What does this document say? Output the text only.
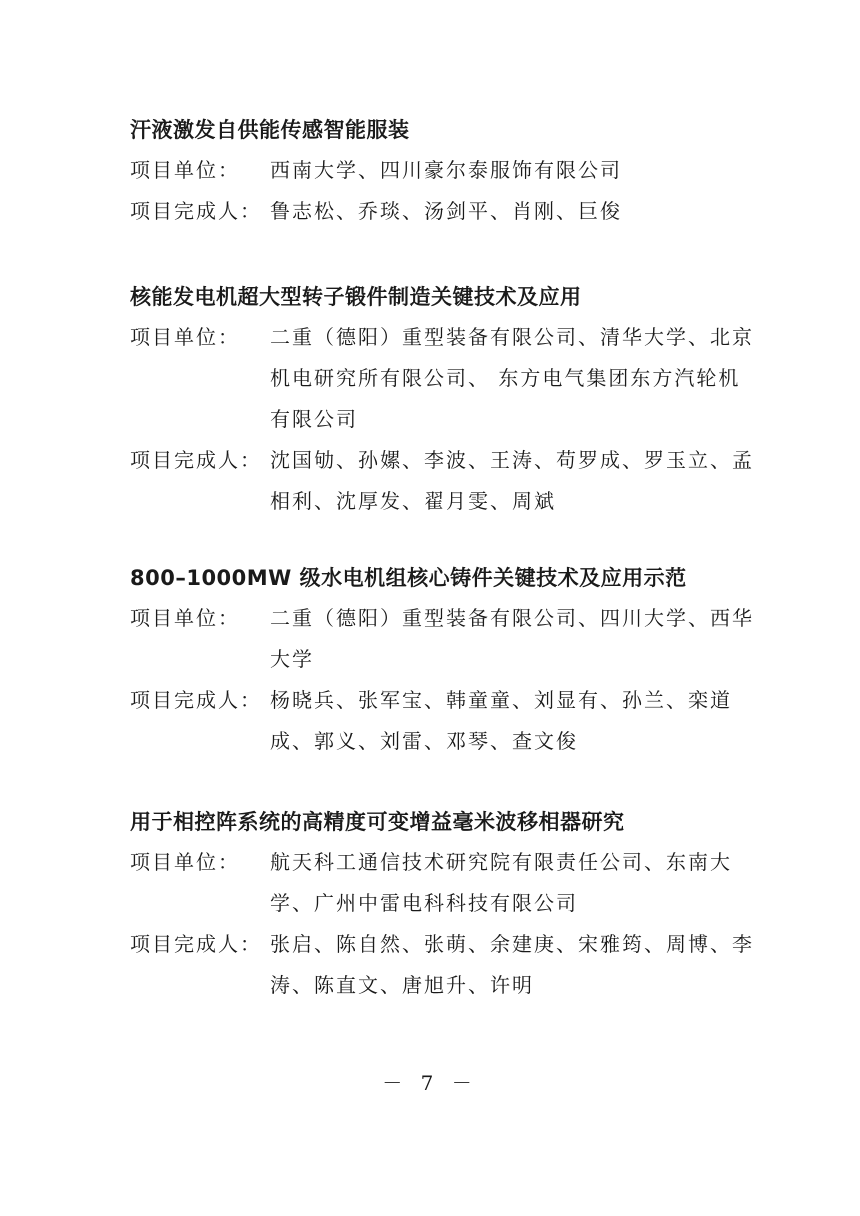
汗液激发自供能传感智能服装
项目单位：	西南大学、四川豪尔泰服饰有限公司
项目完成人： 鲁志松、乔琰、汤剑平、肖刚、巨俊
核能发电机超大型转子锻件制造关键技术及应用
项目单位：	二重（德阳）重型装备有限公司、清华大学、北京机电研究所有限公司、 东方电气集团东方汽轮机有限公司
项目完成人： 沈国劬、孙嫘、李波、王涛、苟罗成、罗玉立、孟相利、沈厚发、翟月雯、周斌
800–1000MW 级水电机组核心铸件关键技术及应用示范
项目单位：	二重（德阳）重型装备有限公司、四川大学、西华大学
项目完成人： 杨晓兵、张军宝、韩童童、刘显有、孙兰、栾道成、郭义、刘雷、邓琴、查文俊
用于相控阵系统的高精度可变增益毫米波移相器研究
项目单位：	航天科工通信技术研究院有限责任公司、东南大学、广州中雷电科科技有限公司
项目完成人： 张启、陈自然、张萌、余建庚、宋雅筠、周博、李涛、陈直文、唐旭升、许明
－ 7 －
